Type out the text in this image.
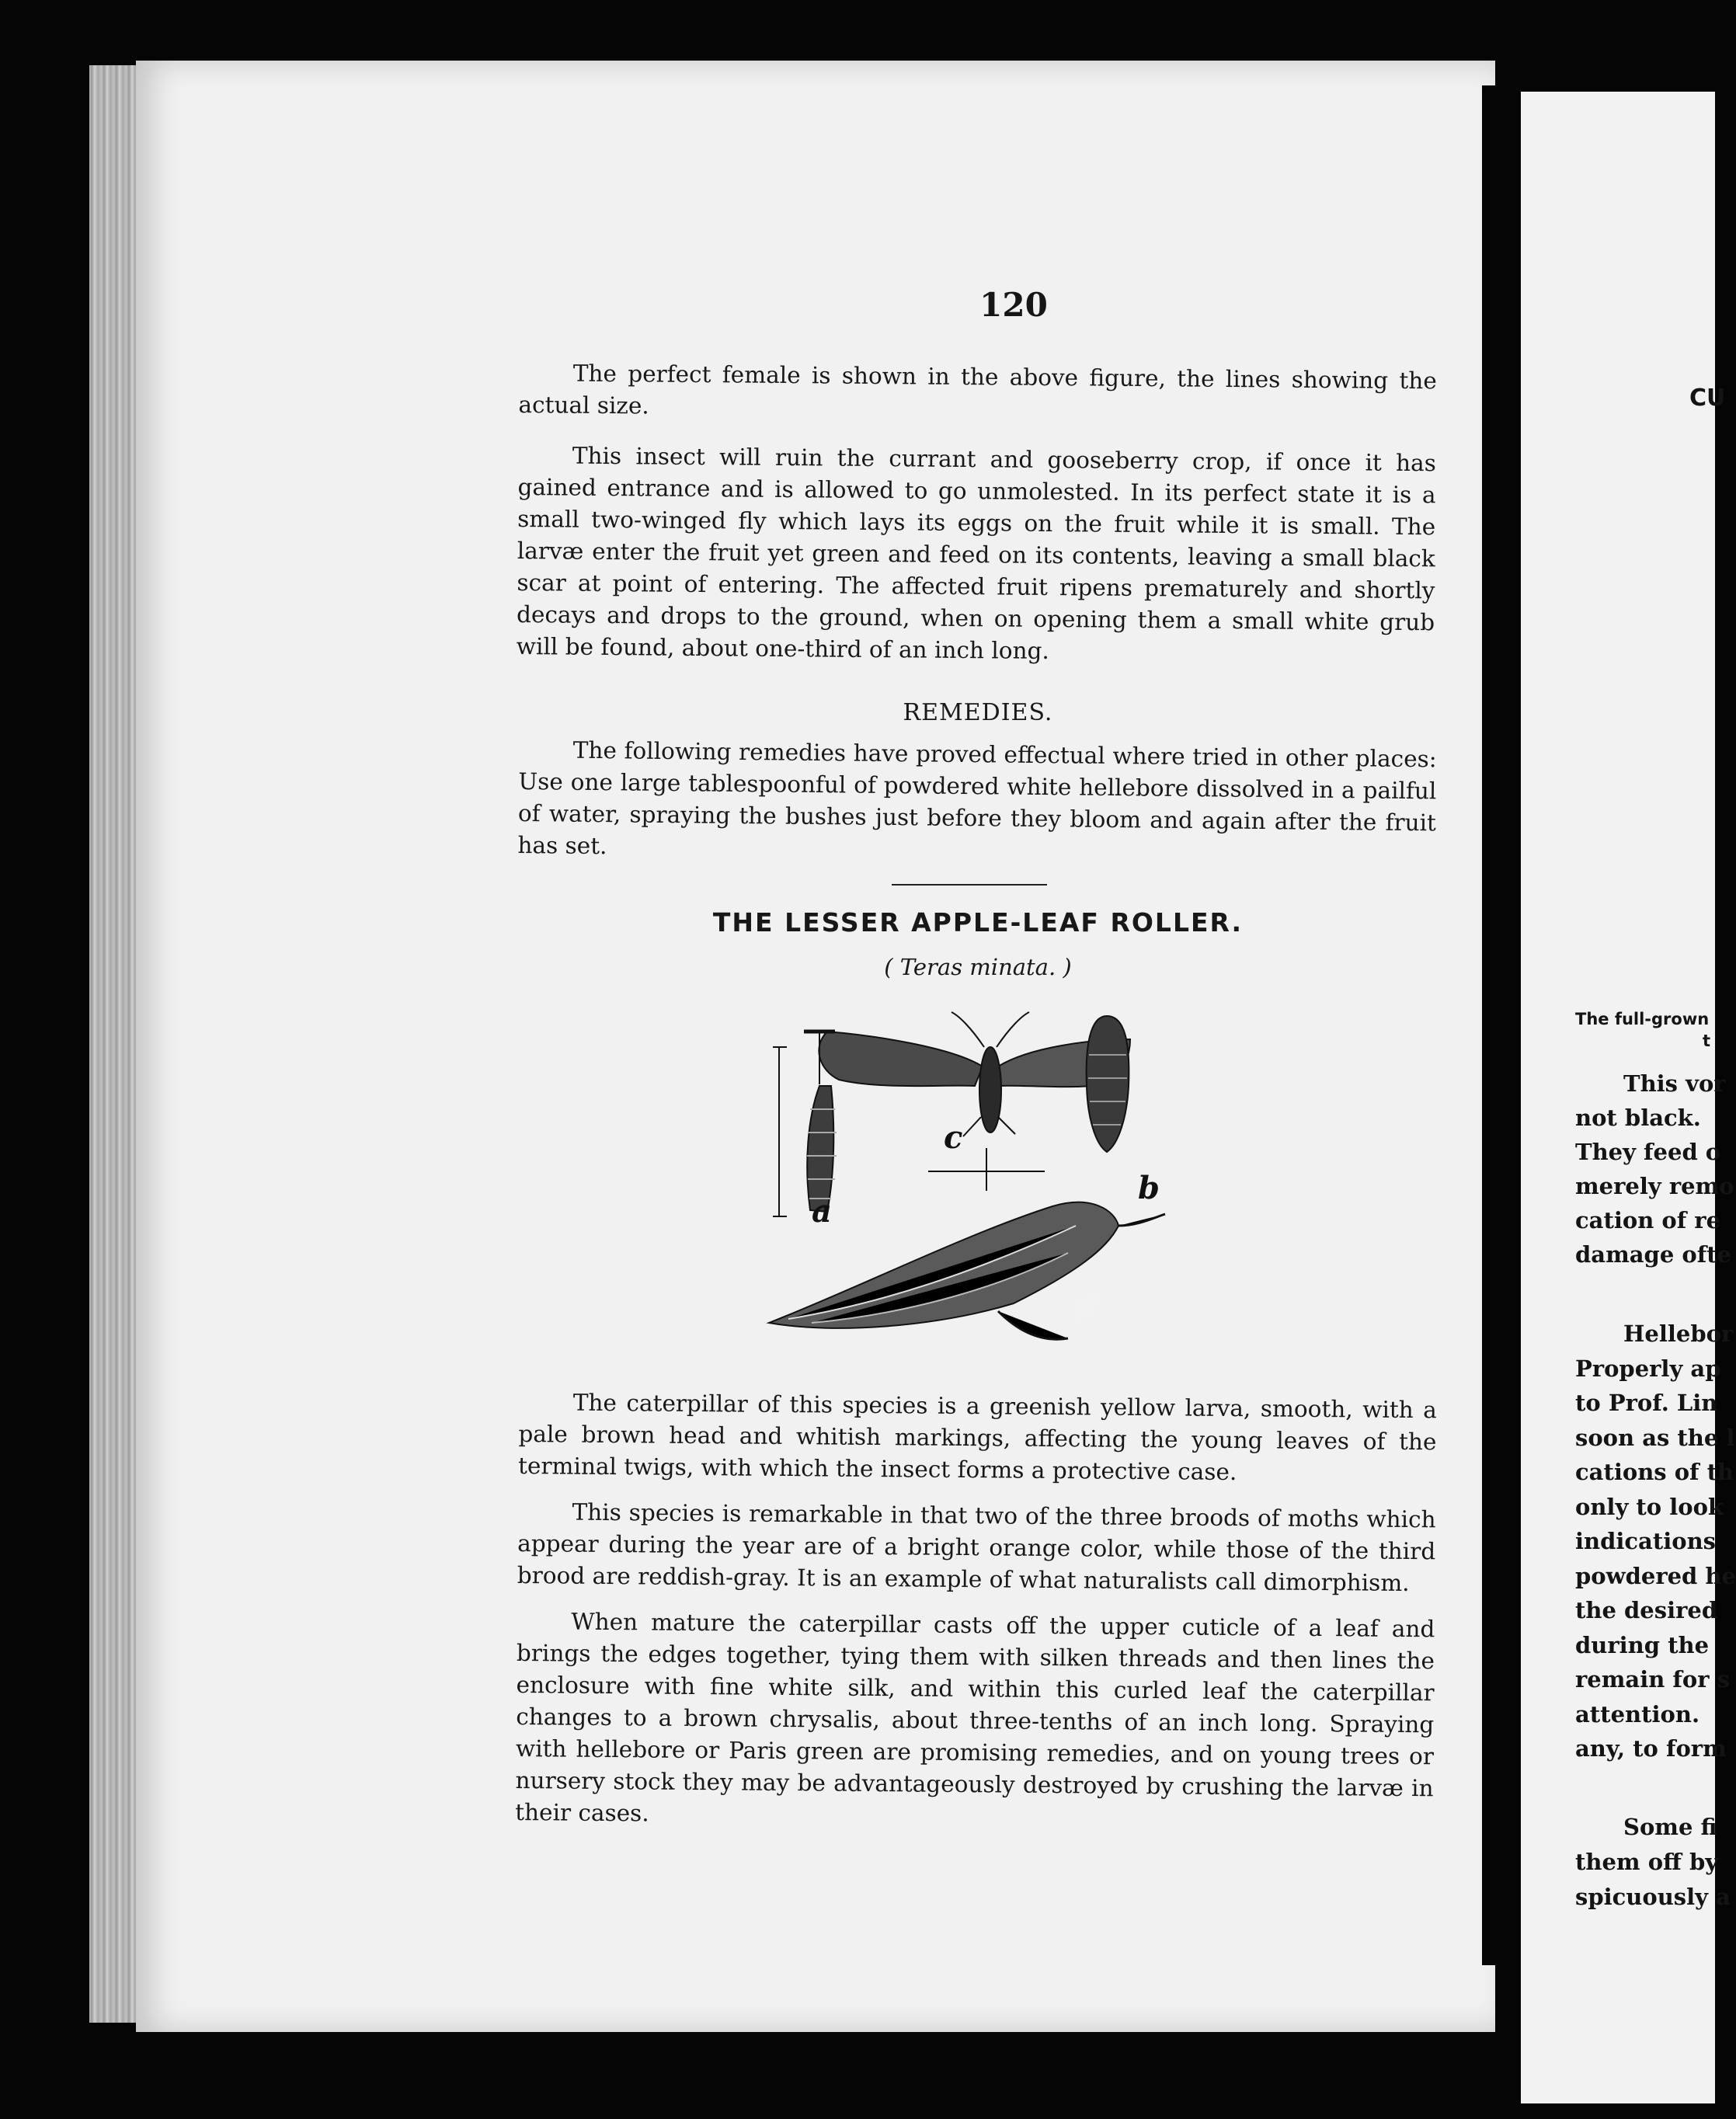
120

The perfect female is shown in the above figure, the lines showing the actual size.

This insect will ruin the currant and gooseberry crop, if once it has gained entrance and is allowed to go unmolested. In its perfect state it is a small two-winged fly which lays its eggs on the fruit while it is small. The larvæ enter the fruit yet green and feed on its contents, leaving a small black scar at point of entering. The affected fruit ripens prematurely and shortly decays and drops to the ground, when on opening them a small white grub will be found, about one-third of an inch long.

REMEDIES.

The following remedies have proved effectual where tried in other places: Use one large tablespoonful of powdered white hellebore dissolved in a pailful of water, spraying the bushes just before they bloom and again after the fruit has set.

THE LESSER APPLE-LEAF ROLLER.
( Teras minata. )
a
b
c
d

The caterpillar of this species is a greenish yellow larva, smooth, with a pale brown head and whitish markings, affecting the young leaves of the terminal twigs, with which the insect forms a protective case.

This species is remarkable in that two of the three broods of moths which appear during the year are of a bright orange color, while those of the third brood are reddish-gray. It is an example of what naturalists call dimorphism.

When mature the caterpillar casts off the upper cuticle of a leaf and brings the edges together, tying them with silken threads and then lines the enclosure with fine white silk, and within this curled leaf the caterpillar changes to a brown chrysalis, about three-tenths of an inch long. Spraying with hellebore or Paris green are promising remedies, and on young trees or nursery stock they may be advantageously destroyed by crushing the larvæ in their cases.

CU
The full-grown
t
This vor
not black.
They feed o
merely remo
cation of re
damage ofte
Hellebor
Properly ap
to Prof. Lin
soon as the l
cations of th
only to look
indications
powdered he
the desired
during the
remain for s
attention.
any, to form
Some fi
them off by
spicuously a
